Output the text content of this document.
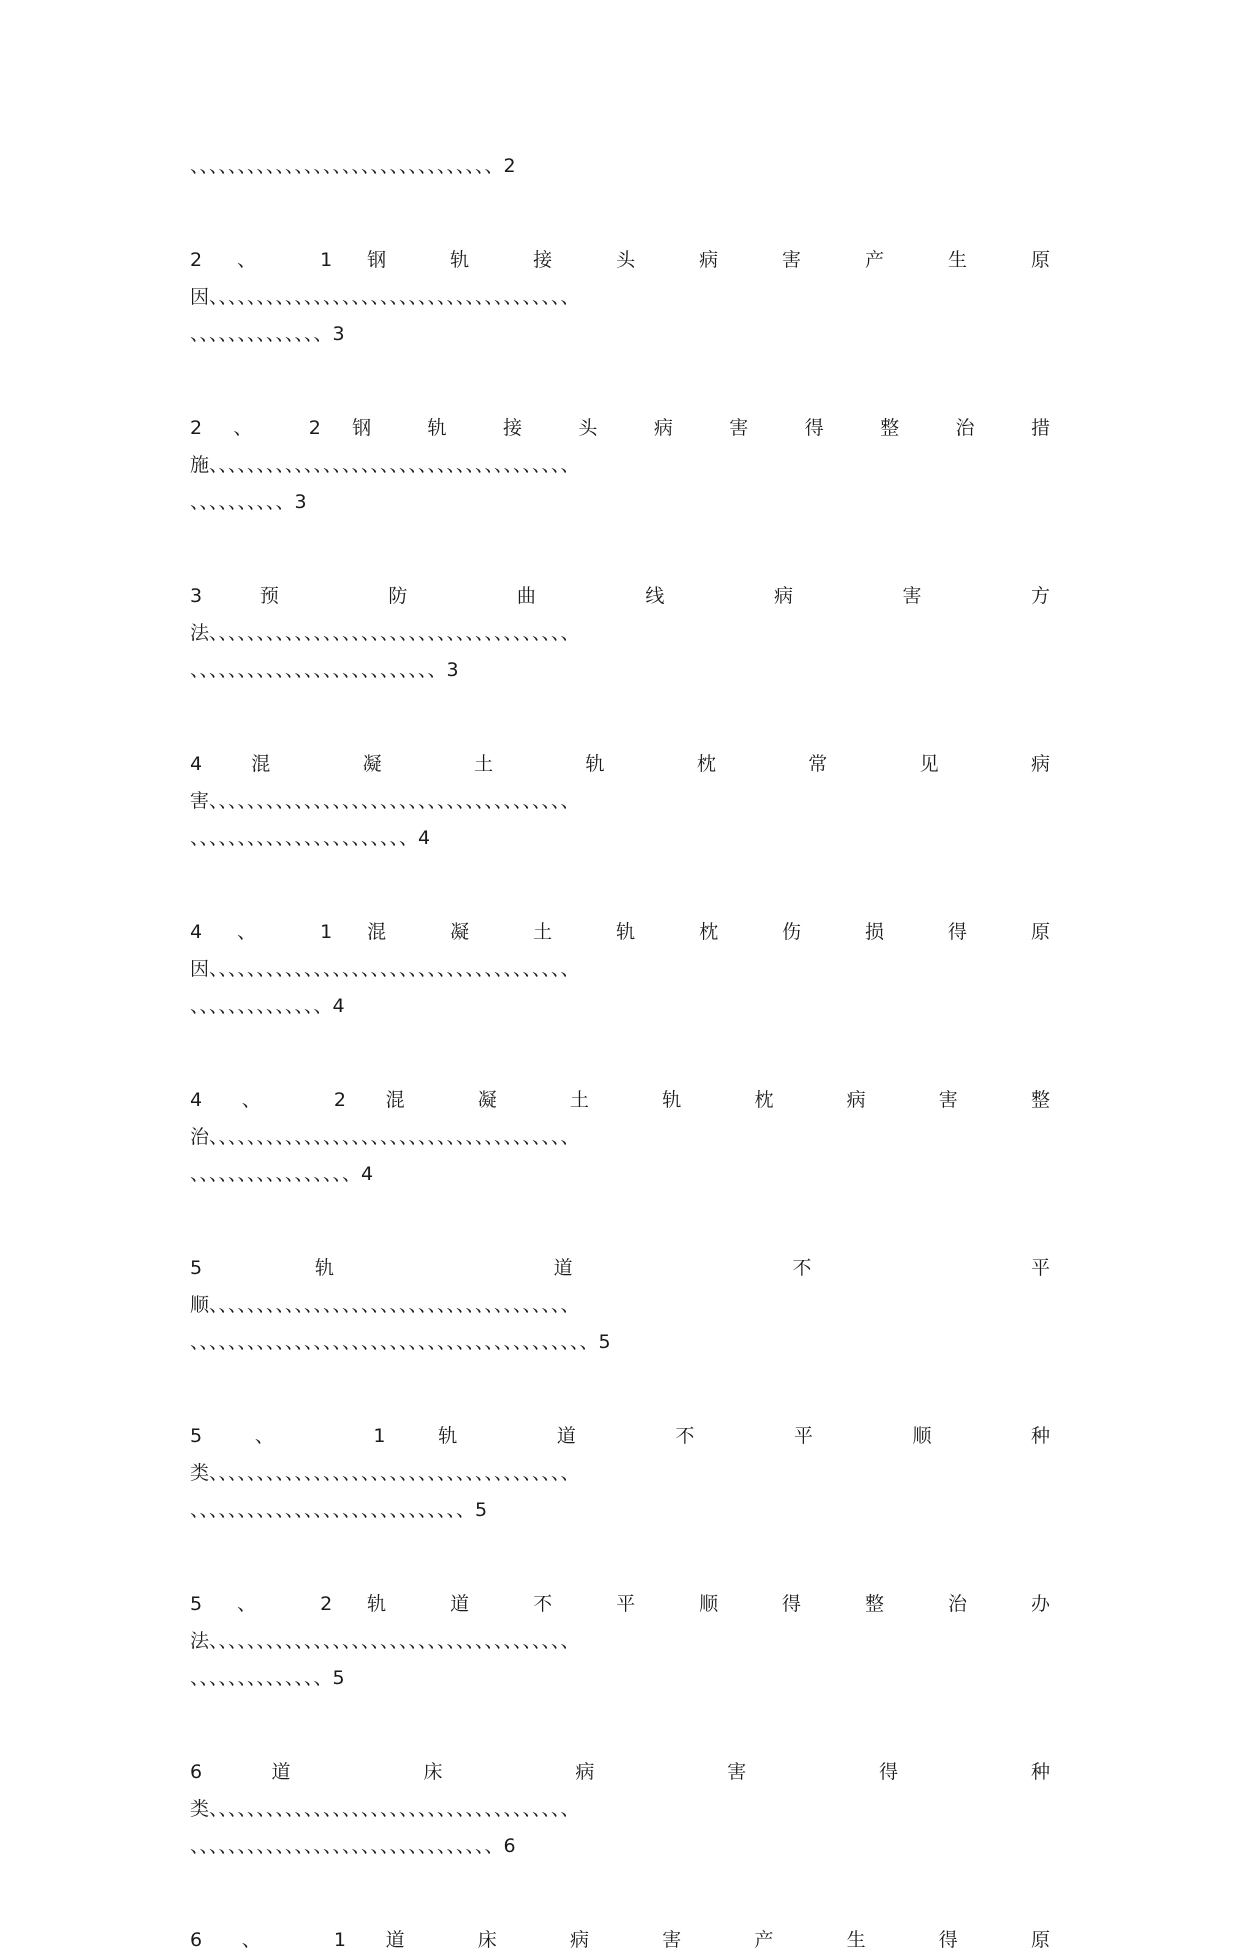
、、、、、、、、、、、、、、、、、、、、、、、、、、、、、、、、2
2 、 1 钢 轨 接 头 病 害 产 生 原
因、、、、、、、、、、、、、、、、、、、、、、、、、、、、、、、、、、、、、、
、、、、、、、、、、、、、、3
2 、 2 钢 轨 接 头 病 害 得 整 治 措
施、、、、、、、、、、、、、、、、、、、、、、、、、、、、、、、、、、、、、、
、、、、、、、、、、3
3 预 防 曲 线 病 害 方
法、、、、、、、、、、、、、、、、、、、、、、、、、、、、、、、、、、、、、、
、、、、、、、、、、、、、、、、、、、、、、、、、、3
4 混 凝 土 轨 枕 常 见 病
害、、、、、、、、、、、、、、、、、、、、、、、、、、、、、、、、、、、、、、
、、、、、、、、、、、、、、、、、、、、、、、4
4 、 1 混 凝 土 轨 枕 伤 损 得 原
因、、、、、、、、、、、、、、、、、、、、、、、、、、、、、、、、、、、、、、
、、、、、、、、、、、、、、4
4 、 2 混 凝 土 轨 枕 病 害 整
治、、、、、、、、、、、、、、、、、、、、、、、、、、、、、、、、、、、、、、
、、、、、、、、、、、、、、、、、4
5 轨 道 不 平
顺、、、、、、、、、、、、、、、、、、、、、、、、、、、、、、、、、、、、、、
、、、、、、、、、、、、、、、、、、、、、、、、、、、、、、、、、、、、、、、、、、5
5 、 1 轨 道 不 平 顺 种
类、、、、、、、、、、、、、、、、、、、、、、、、、、、、、、、、、、、、、、
、、、、、、、、、、、、、、、、、、、、、、、、、、、、、5
5 、 2 轨 道 不 平 顺 得 整 治 办
法、、、、、、、、、、、、、、、、、、、、、、、、、、、、、、、、、、、、、、
、、、、、、、、、、、、、、5
6 道 床 病 害 得 种
类、、、、、、、、、、、、、、、、、、、、、、、、、、、、、、、、、、、、、、
、、、、、、、、、、、、、、、、、、、、、、、、、、、、、、、、6
6 、 1 道 床 病 害 产 生 得 原
